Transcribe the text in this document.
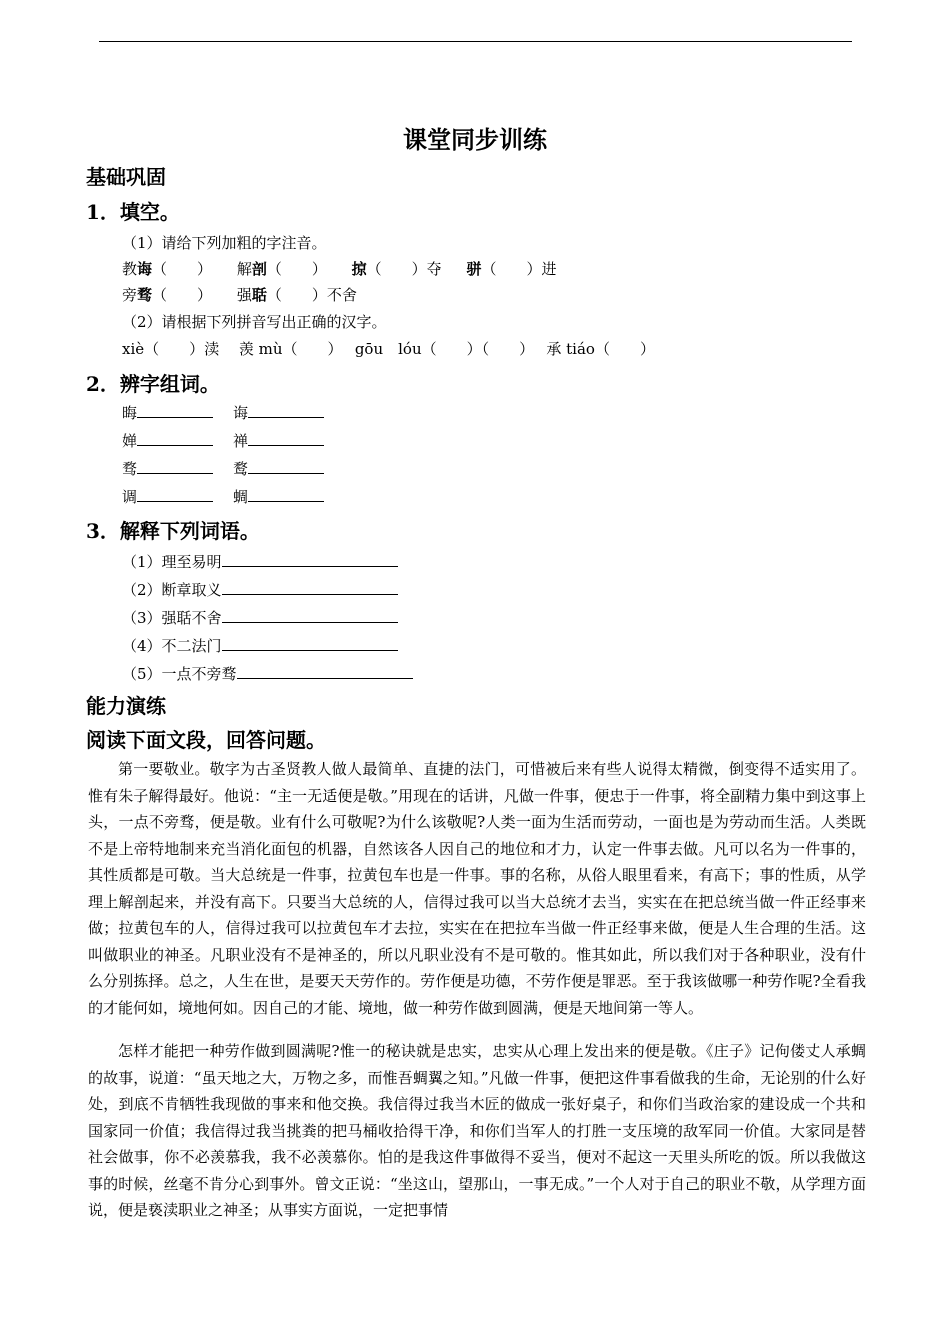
课堂同步训练
基础巩固
1．填空。
（1）请给下列加粗的字注音。
教诲（　　） 解剖（　　） 掠（　　）夺 骈（　　）进
旁骛（　　） 强聒（　　）不舍
（2）请根据下列拼音写出正确的汉字。
xiè（　　）渎　 羡 mù（　　）　 gōu　lóu（　　）（　　）　 承 tiáo（　　）
2．辨字组词。
晦	诲
婵	禅
骛	鹜
调	蜩
3．解释下列词语。
（1）理至易明
（2）断章取义
（3）强聒不舍
（4）不二法门
（5）一点不旁骛
能力演练
阅读下面文段，回答问题。
第一要敬业。敬字为古圣贤教人做人最简单、直捷的法门，可惜被后来有些人说得太精微，倒变得不适实用了。惟有朱子解得最好。他说：“主一无适便是敬。”用现在的话讲，凡做一件事，便忠于一件事，将全副精力集中到这事上头，一点不旁骛，便是敬。业有什么可敬呢?为什么该敬呢?人类一面为生活而劳动，一面也是为劳动而生活。人类既不是上帝特地制来充当消化面包的机器，自然该各人因自己的地位和才力，认定一件事去做。凡可以名为一件事的，其性质都是可敬。当大总统是一件事，拉黄包车也是一件事。事的名称，从俗人眼里看来，有高下；事的性质，从学理上解剖起来，并没有高下。只要当大总统的人，信得过我可以当大总统才去当，实实在在把总统当做一件正经事来做；拉黄包车的人，信得过我可以拉黄包车才去拉，实实在在把拉车当做一件正经事来做，便是人生合理的生活。这叫做职业的神圣。凡职业没有不是神圣的，所以凡职业没有不是可敬的。惟其如此，所以我们对于各种职业，没有什么分别拣择。总之，人生在世，是要天天劳作的。劳作便是功德，不劳作便是罪恶。至于我该做哪一种劳作呢?全看我的才能何如，境地何如。因自己的才能、境地，做一种劳作做到圆满，便是天地间第一等人。
怎样才能把一种劳作做到圆满呢?惟一的秘诀就是忠实，忠实从心理上发出来的便是敬。《庄子》记佝偻丈人承蜩的故事，说道：“虽天地之大，万物之多，而惟吾蜩翼之知。”凡做一件事，便把这件事看做我的生命，无论别的什么好处，到底不肯牺牲我现做的事来和他交换。我信得过我当木匠的做成一张好桌子，和你们当政治家的建设成一个共和国家同一价值；我信得过我当挑粪的把马桶收拾得干净，和你们当军人的打胜一支压境的敌军同一价值。大家同是替社会做事，你不必羡慕我，我不必羡慕你。怕的是我这件事做得不妥当，便对不起这一天里头所吃的饭。所以我做这事的时候，丝毫不肯分心到事外。曾文正说：“坐这山，望那山，一事无成。”一个人对于自己的职业不敬，从学理方面说，便是亵渎职业之神圣；从事实方面说，一定把事情
